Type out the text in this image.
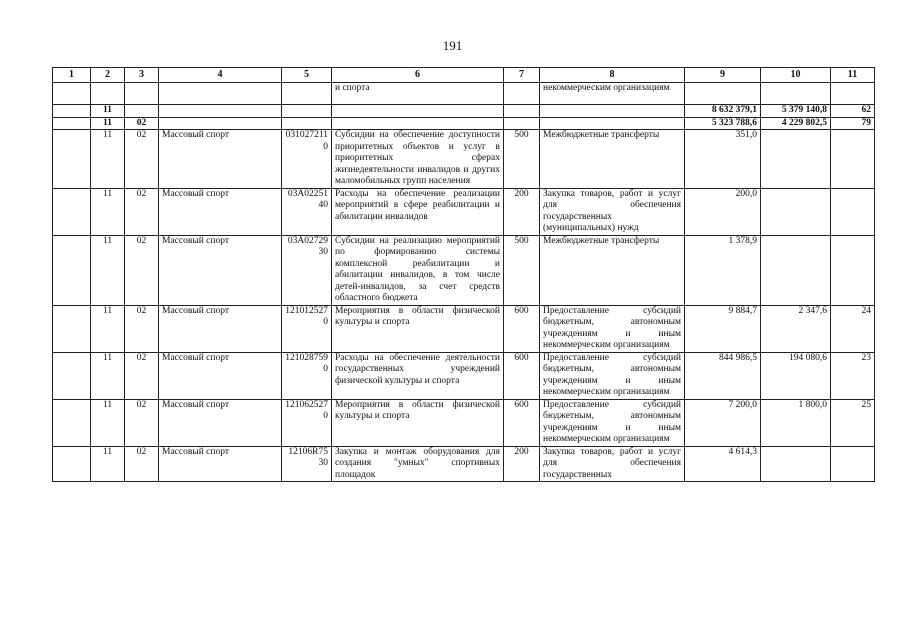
191
1	2	3	4	5	6	7	8	9	10	11
					и спорта		некоммерческим организациям			
	11							8 632 379,1	5 379 140,8	62
	11	02						5 323 788,6	4 229 802,5	79
	11	02	Массовый спорт	0310272110	Субсидии на обеспечение доступности приоритетных объектов и услуг в приоритетных сферах жизнедеятельности инвалидов и других маломобильных групп населения	500	Межбюджетные трансферты	351,0		
	11	02	Массовый спорт	03А0225140	Расходы на обеспечение реализации мероприятий в сфере реабилитации и абилитации инвалидов	200	Закупка товаров, работ и услуг для обеспечения государственных (муниципальных) нужд	200,0		
	11	02	Массовый спорт	03А0272930	Субсидии на реализацию мероприятий по формированию системы комплексной реабилитации и абилитации инвалидов, в том числе детей-инвалидов, за счет средств областного бюджета	500	Межбюджетные трансферты	1 378,9		
	11	02	Массовый спорт	1210125270	Мероприятия в области физической культуры и спорта	600	Предоставление субсидий бюджетным, автономным учреждениям и иным некоммерческим организациям	9 884,7	2 347,6	24
	11	02	Массовый спорт	1210287590	Расходы на обеспечение деятельности государственных учреждений физической культуры и спорта	600	Предоставление субсидий бюджетным, автономным учреждениям и иным некоммерческим организациям	844 986,5	194 080,6	23
	11	02	Массовый спорт	1210625270	Мероприятия в области физической культуры и спорта	600	Предоставление субсидий бюджетным, автономным учреждениям и иным некоммерческим организациям	7 200,0	1 800,0	25
	11	02	Массовый спорт	12106R7530	Закупка и монтаж оборудования для создания "умных" спортивных площадок	200	Закупка товаров, работ и услуг для обеспечения государственных	4 614,3		
